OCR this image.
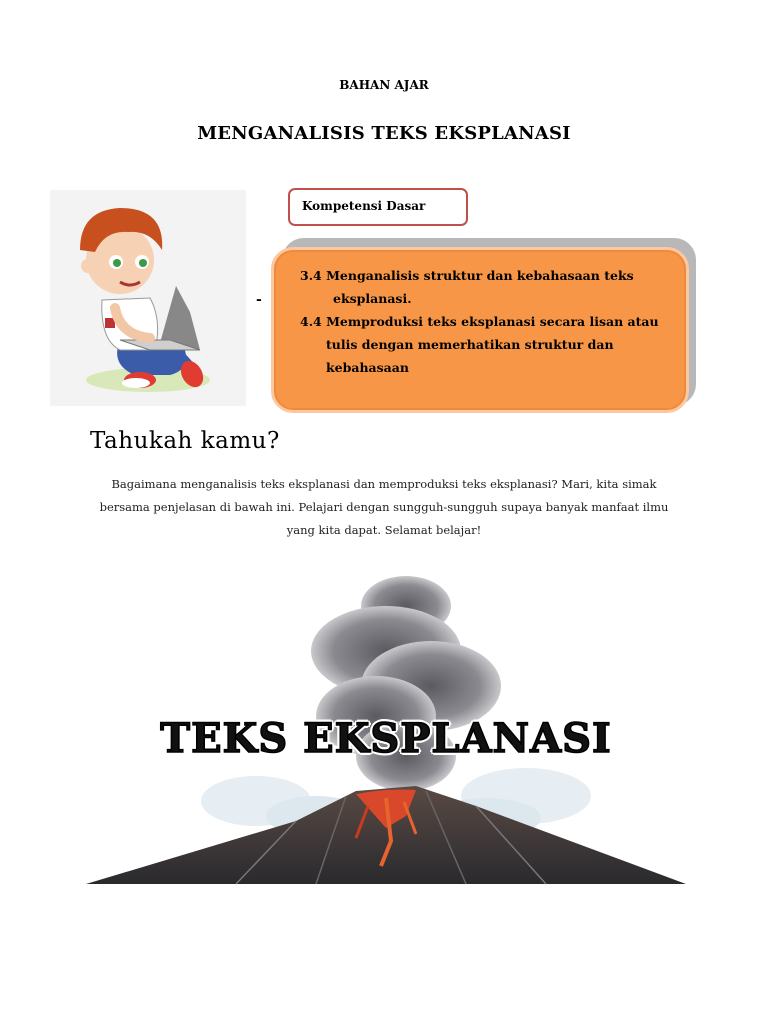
BAHAN AJAR
MENGANALISIS TEKS EKSPLANASI
Kompetensi Dasar
3.4 Menganalisis struktur dan kebahasaan teks
eksplanasi.
4.4 Memproduksi teks eksplanasi secara lisan atau
tulis dengan memerhatikan struktur dan
kebahasaan
-
Tahukah kamu?
Bagaimana menganalisis teks eksplanasi dan memproduksi teks eksplanasi? Mari, kita simak
bersama penjelasan di bawah ini. Pelajari dengan sungguh-sungguh supaya banyak manfaat ilmu
yang kita dapat. Selamat belajar!
TEKS EKSPLANASI
